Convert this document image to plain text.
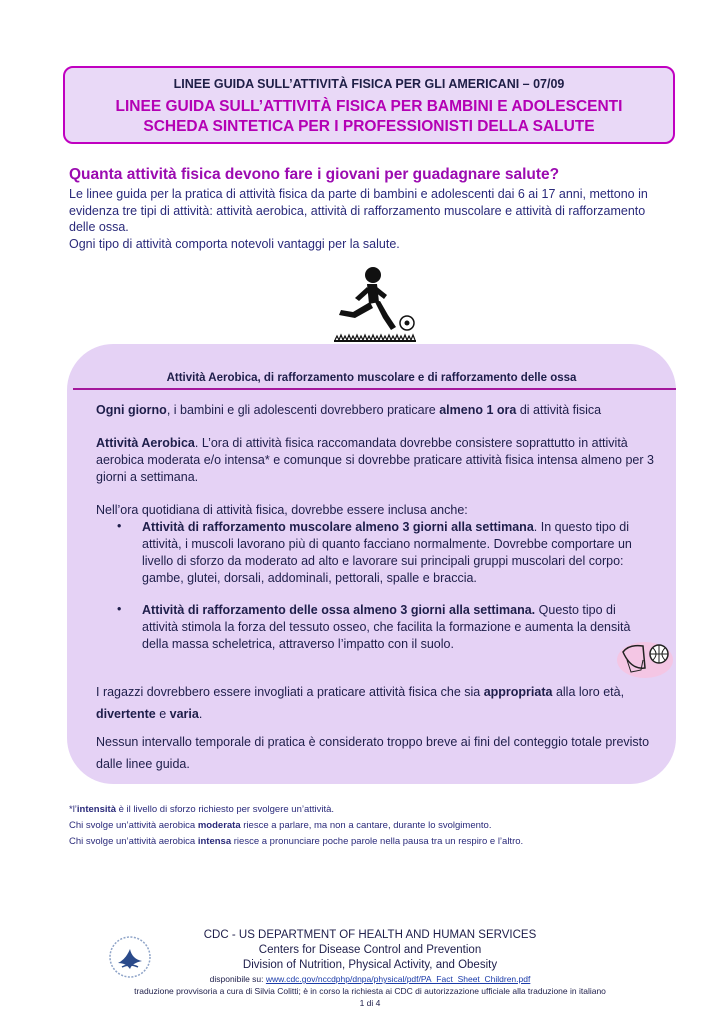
LINEE GUIDA SULL’ATTIVITÀ FISICA PER GLI AMERICANI – 07/09
LINEE GUIDA SULL’ATTIVITÀ FISICA PER BAMBINI E ADOLESCENTI
SCHEDA SINTETICA PER I PROFESSIONISTI DELLA SALUTE
Quanta attività fisica devono fare i giovani per guadagnare salute?

Le linee guida per la pratica di attività fisica da parte di bambini e adolescenti dai 6 ai 17 anni, mettono in evidenza tre tipi di attività: attività aerobica, attività di rafforzamento muscolare e attività di rafforzamento delle ossa.

Ogni tipo di attività comporta notevoli vantaggi per la salute.

Attività Aerobica, di rafforzamento muscolare e di rafforzamento delle ossa
Ogni giorno, i bambini e gli adolescenti dovrebbero praticare almeno 1 ora di attività fisica
Attività Aerobica. L’ora di attività fisica raccomandata dovrebbe consistere soprattutto in attività aerobica moderata e/o intensa* e comunque si dovrebbe praticare attività fisica intensa almeno per 3 giorni a settimana.
Nell’ora quotidiana di attività fisica, dovrebbe essere inclusa anche:
• Attività di rafforzamento muscolare almeno 3 giorni alla settimana. In questo tipo di attività, i muscoli lavorano più di quanto facciano normalmente. Dovrebbe comportare un livello di sforzo da moderato ad alto e lavorare sui principali gruppi muscolari del corpo: gambe, glutei, dorsali, addominali, pettorali, spalle e braccia.
• Attività di rafforzamento delle ossa almeno 3 giorni alla settimana. Questo tipo di attività stimola la forza del tessuto osseo, che facilita la formazione e aumenta la densità della massa scheletrica, attraverso l’impatto con il suolo.
I ragazzi dovrebbero essere invogliati a praticare attività fisica che sia appropriata alla loro età, divertente e varia.
Nessun intervallo temporale di pratica è considerato troppo breve ai fini del conteggio totale previsto dalle linee guida.

*l’intensità è il livello di sforzo richiesto per svolgere un’attività.

Chi svolge un’attività aerobica moderata riesce a parlare, ma non a cantare, durante lo svolgimento.

Chi svolge un’attività aerobica intensa riesce a pronunciare poche parole nella pausa tra un respiro e l’altro.

CDC - US DEPARTMENT OF HEALTH AND HUMAN SERVICES
Centers for Disease Control and Prevention
Division of Nutrition, Physical Activity, and Obesity
disponibile su: www.cdc.gov/nccdphp/dnpa/physical/pdf/PA_Fact_Sheet_Children.pdf
traduzione provvisoria a cura di Silvia Colitti; è in corso la richiesta ai CDC di autorizzazione ufficiale alla traduzione in italiano
1 di 4
